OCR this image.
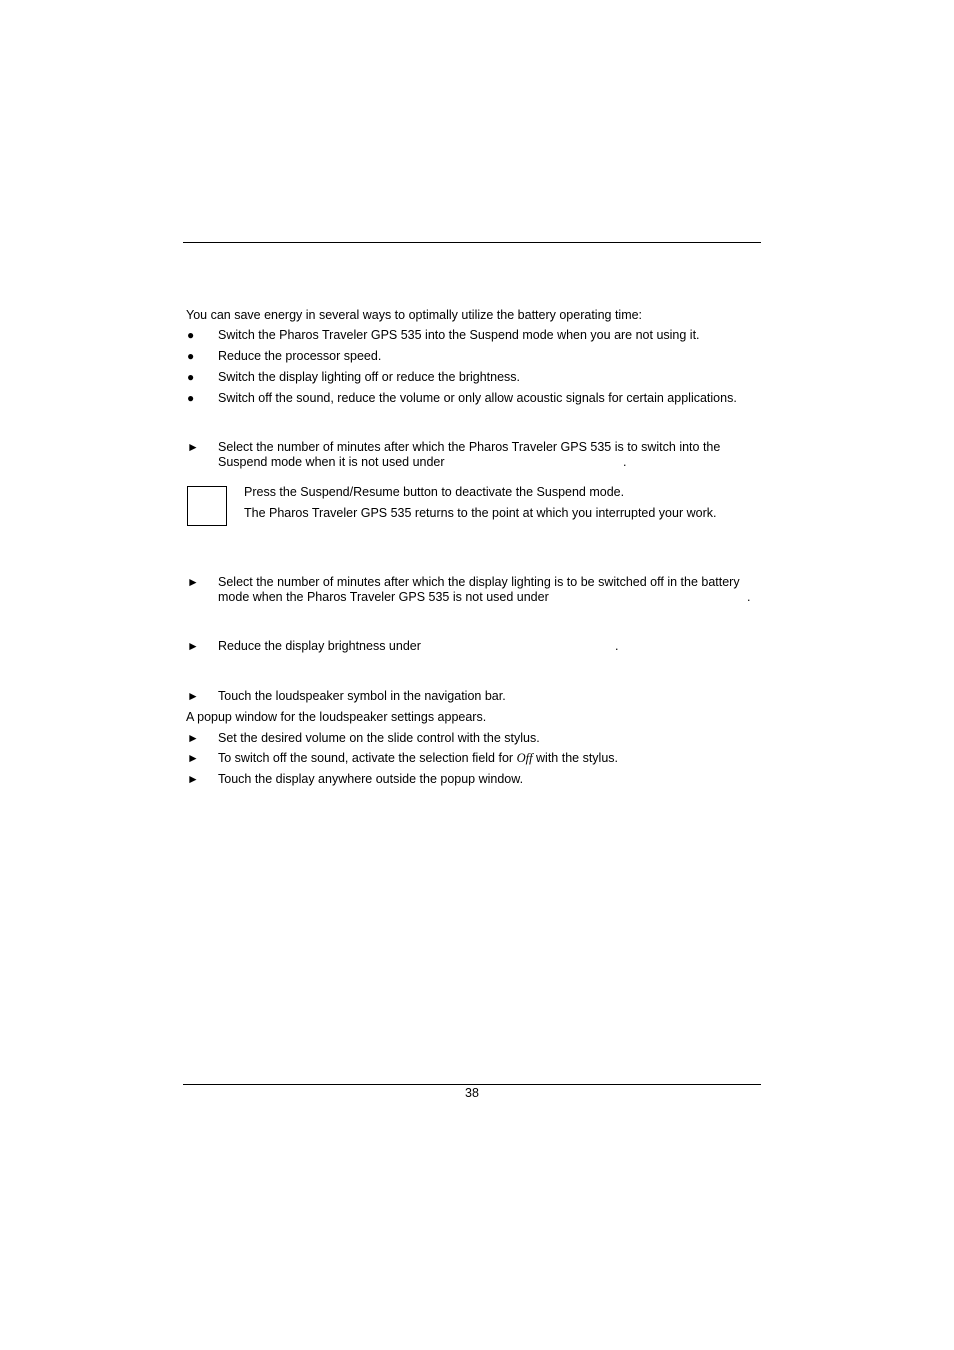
You can save energy in several ways to optimally utilize the battery operating time:
● Switch the Pharos Traveler GPS 535 into the Suspend mode when you are not using it.
● Reduce the processor speed.
● Switch the display lighting off or reduce the brightness.
● Switch off the sound, reduce the volume or only allow acoustic signals for certain applications.
► Select the number of minutes after which the Pharos Traveler GPS 535 is to switch into the
Suspend mode when it is not used under	.
Press the Suspend/Resume button to deactivate the Suspend mode.
The Pharos Traveler GPS 535 returns to the point at which you interrupted your work.
► Select the number of minutes after which the display lighting is to be switched off in the battery
mode when the Pharos Traveler GPS 535 is not used under	.
► Reduce the display brightness under	.
► Touch the loudspeaker symbol in the navigation bar.
A popup window for the loudspeaker settings appears.
► Set the desired volume on the slide control with the stylus.
► To switch off the sound, activate the selection field for Off with the stylus.
► Touch the display anywhere outside the popup window.
38
